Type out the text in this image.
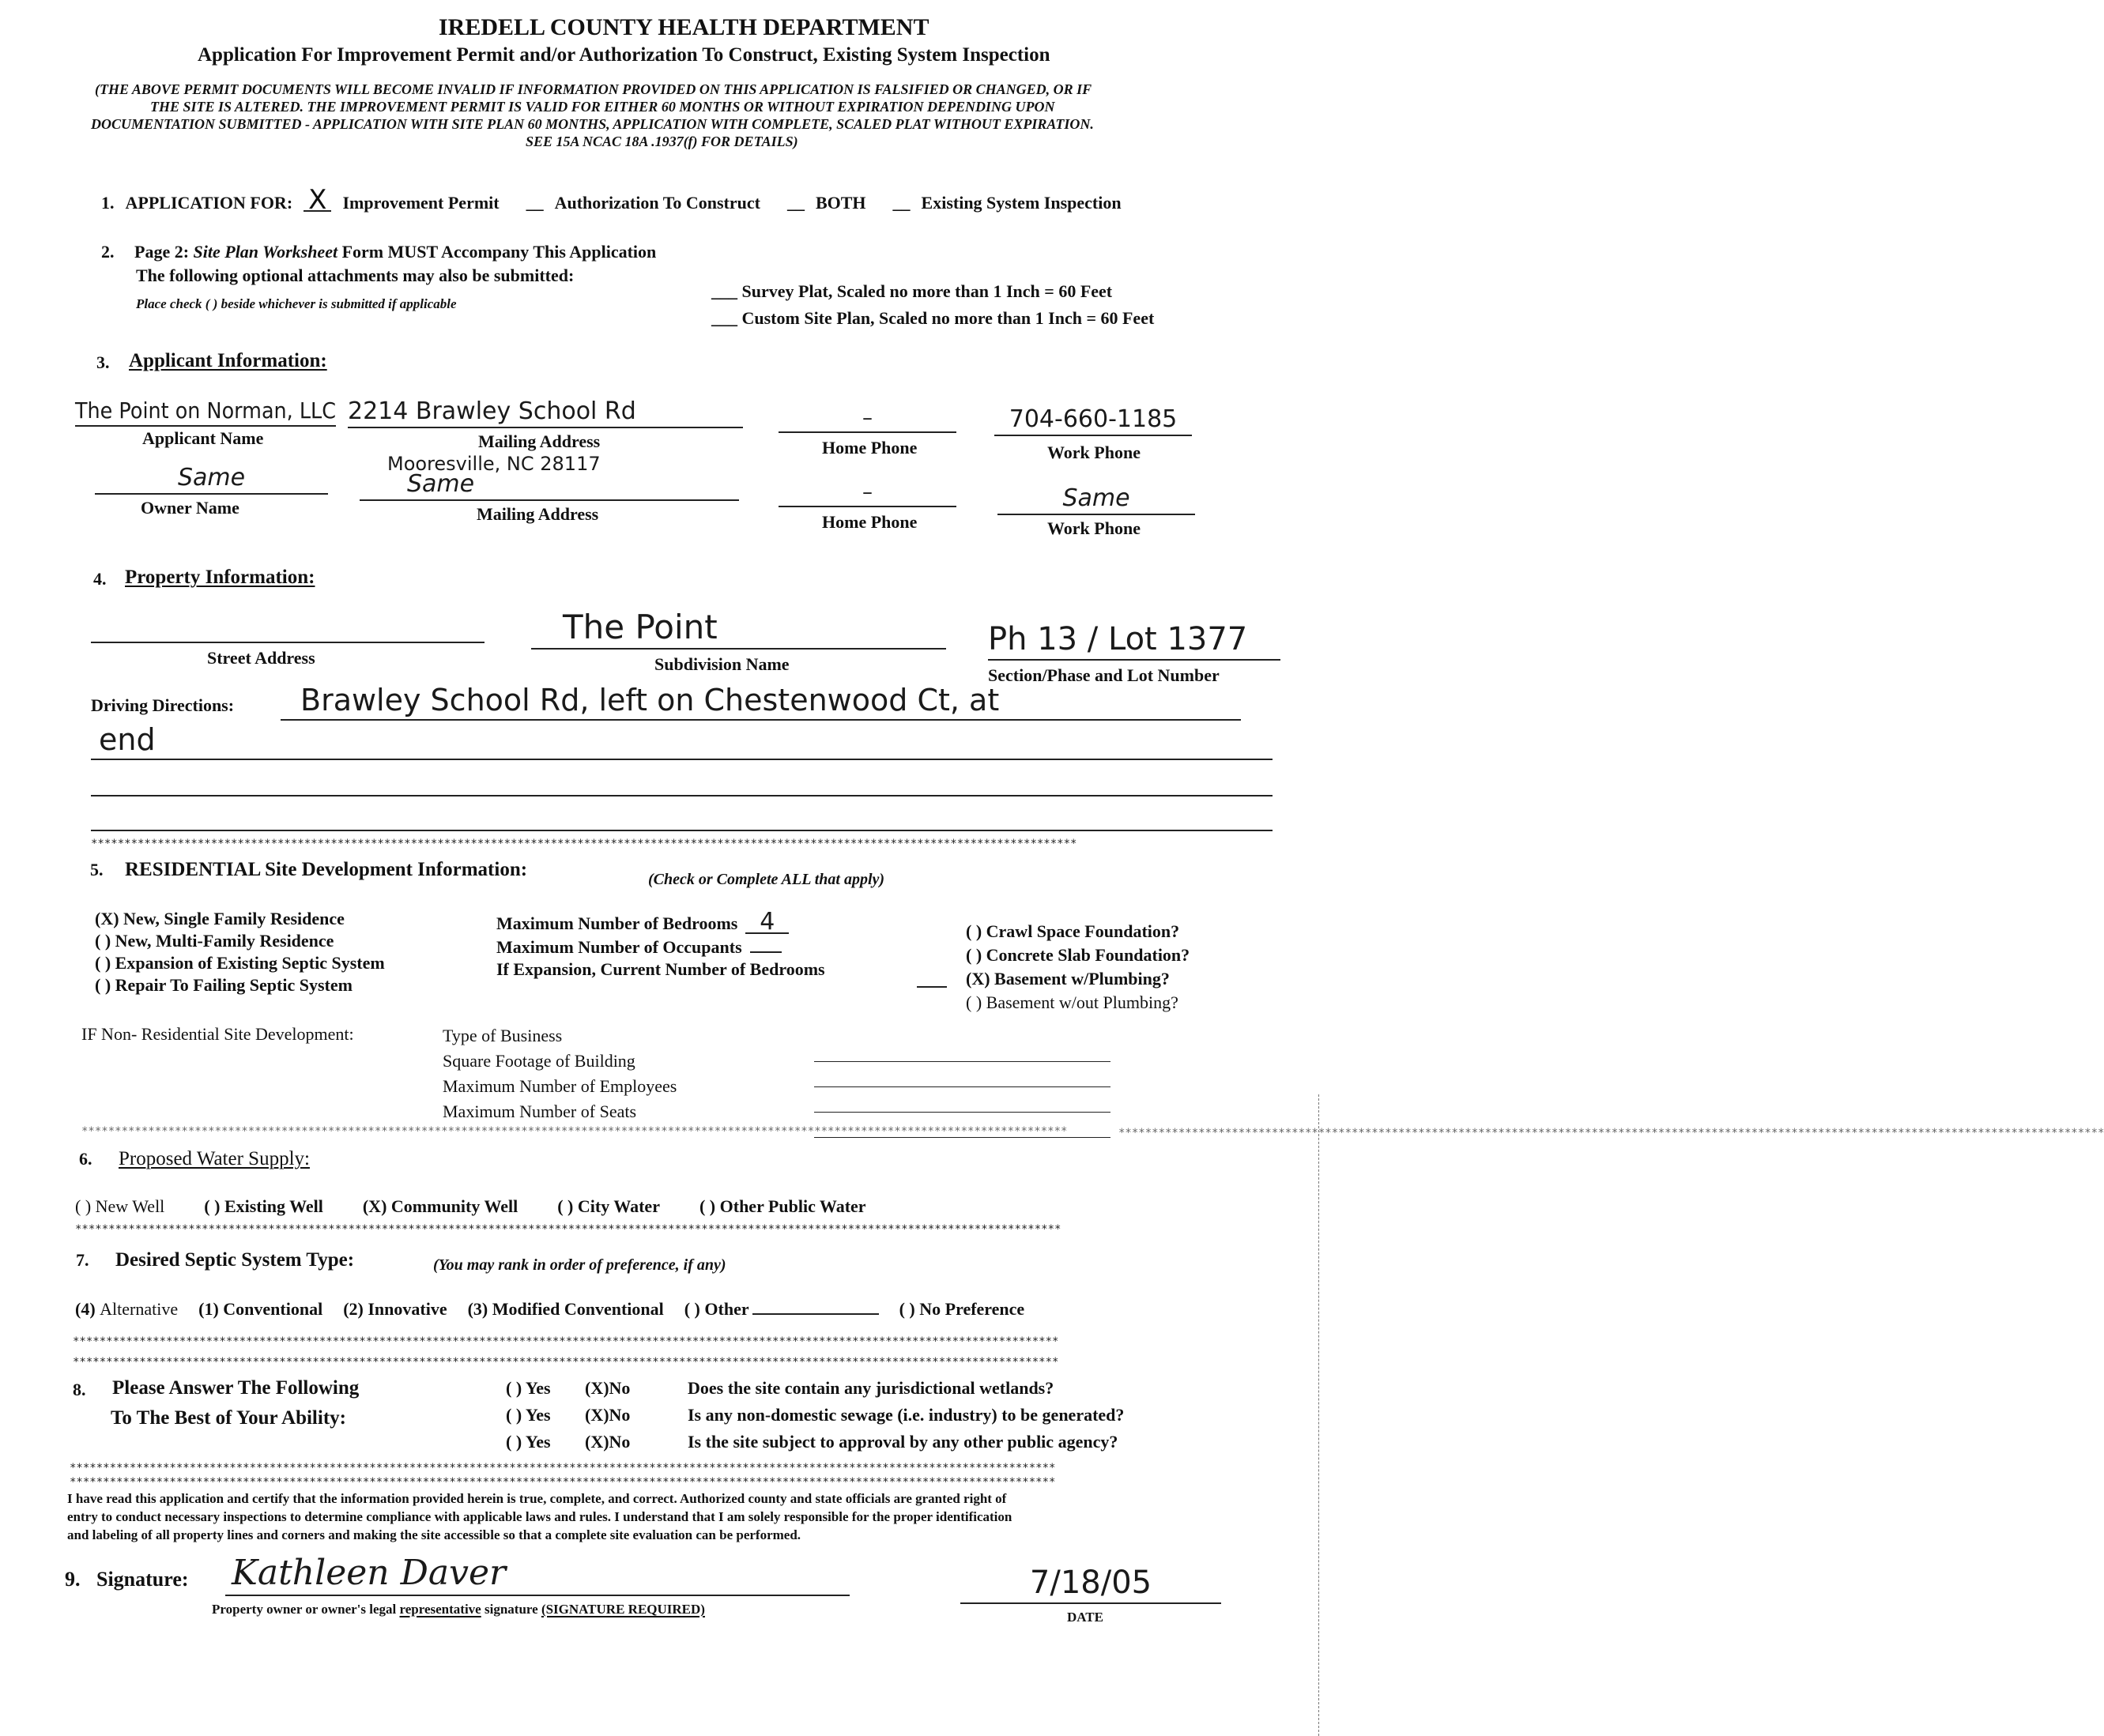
IREDELL COUNTY HEALTH DEPARTMENT
Application For Improvement Permit and/or Authorization To Construct, Existing System Inspection
(THE ABOVE PERMIT DOCUMENTS WILL BECOME INVALID IF INFORMATION PROVIDED ON THIS APPLICATION IS FALSIFIED OR CHANGED, OR IF
THE SITE IS ALTERED. THE IMPROVEMENT PERMIT IS VALID FOR EITHER 60 MONTHS OR WITHOUT EXPIRATION DEPENDING UPON
DOCUMENTATION SUBMITTED - APPLICATION WITH SITE PLAN 60 MONTHS, APPLICATION WITH COMPLETE, SCALED PLAT WITHOUT EXPIRATION.
SEE 15A NCAC 18A .1937(f) FOR DETAILS)
1. APPLICATION FOR: X Improvement Permit __ Authorization To Construct __ BOTH __ Existing System Inspection
2. Page 2: Site Plan Worksheet Form MUST Accompany This Application
The following optional attachments may also be submitted:
Place check ( ) beside whichever is submitted if applicable
___ Survey Plat, Scaled no more than 1 Inch = 60 Feet
___ Custom Site Plan, Scaled no more than 1 Inch = 60 Feet
3. Applicant Information:
The Point on Norman, LLC
Applicant Name
2214 Brawley School Rd
Mailing Address
Mooresville, NC 28117
–
Home Phone
704-660-1185
Work Phone
Same
Owner Name
Same
Mailing Address
–
Home Phone
Same
Work Phone
4. Property Information:
Street Address
The Point
Subdivision Name
Ph 13 / Lot 1377
Section/Phase and Lot Number
Driving Directions:	Brawley School Rd, left on Chestenwood Ct, at
end
****************************************************************************************************************************************************
5. RESIDENTIAL Site Development Information:	(Check or Complete ALL that apply)
(X) New, Single Family Residence
( ) New, Multi-Family Residence
( ) Expansion of Existing Septic System
( ) Repair To Failing Septic System
Maximum Number of Bedrooms 4
Maximum Number of Occupants
If Expansion, Current Number of Bedrooms
( ) Crawl Space Foundation?
( ) Concrete Slab Foundation?
(X) Basement w/Plumbing?
( ) Basement w/out Plumbing?
IF Non- Residential Site Development:	Type of Business
Square Footage of Building
Maximum Number of Employees
Maximum Number of Seats
****************************************************************************************************************************************************	****************************************************************************************************************************************************
6. Proposed Water Supply:
( ) New Well ( ) Existing Well (X) Community Well ( ) City Water ( ) Other Public Water
****************************************************************************************************************************************************
7. Desired Septic System Type:	(You may rank in order of preference, if any)
(4) Alternative (1) Conventional (2) Innovative (3) Modified Conventional ( ) Other	( ) No Preference
****************************************************************************************************************************************************
****************************************************************************************************************************************************
8. Please Answer The Following
To The Best of Your Ability:
( ) Yes	(X)No	Does the site contain any jurisdictional wetlands?
( ) Yes	(X)No	Is any non-domestic sewage (i.e. industry) to be generated?
( ) Yes	(X)No	Is the site subject to approval by any other public agency?
****************************************************************************************************************************************************
****************************************************************************************************************************************************
I have read this application and certify that the information provided herein is true, complete, and correct. Authorized county and state officials are granted right of
entry to conduct necessary inspections to determine compliance with applicable laws and rules. I understand that I am solely responsible for the proper identification
and labeling of all property lines and corners and making the site accessible so that a complete site evaluation can be performed.
9. Signature: Kathleen Daver
Property owner or owner's legal representative signature (SIGNATURE REQUIRED)
7/18/05
DATE
